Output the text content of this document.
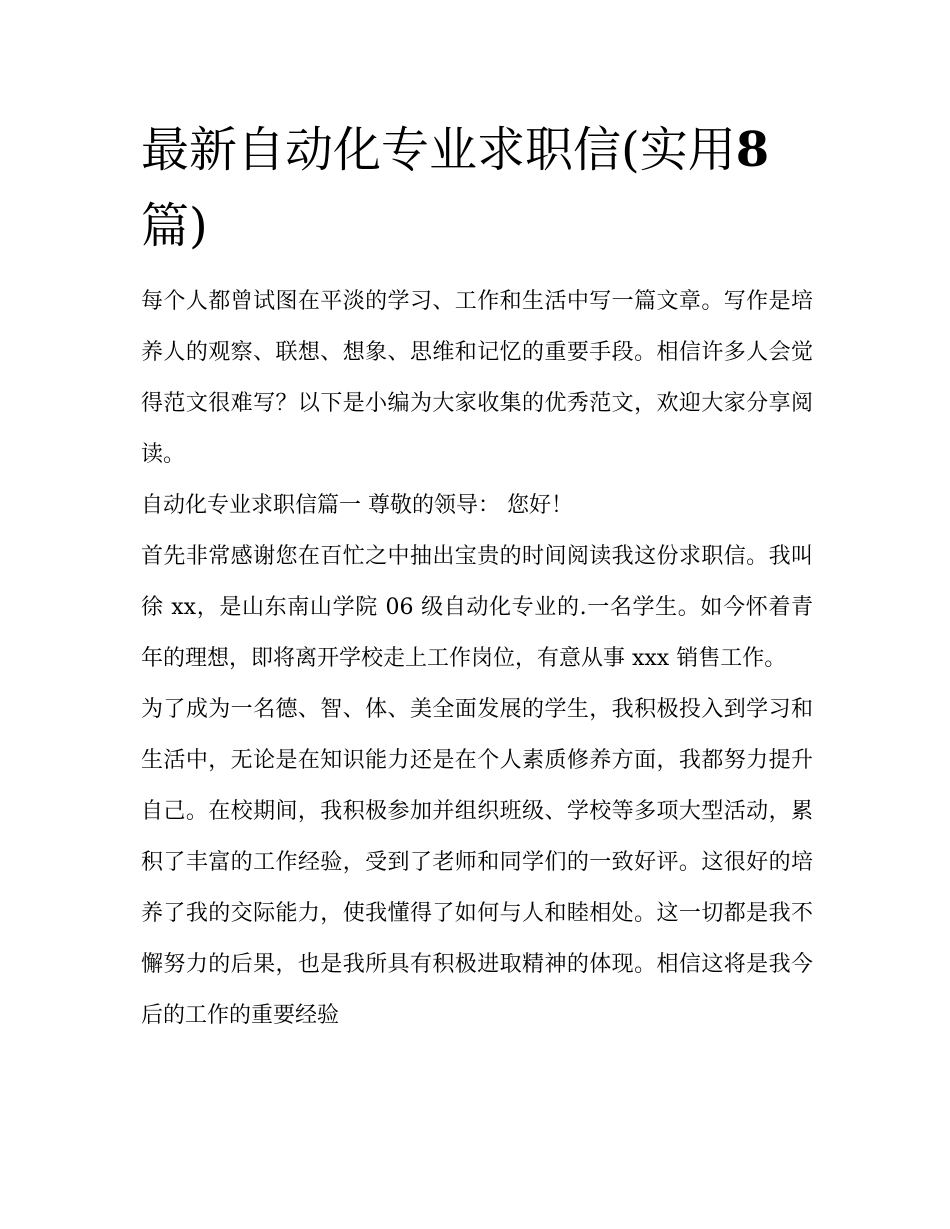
最新自动化专业求职信(实用8
篇)

每个人都曾试图在平淡的学习、工作和生活中写一篇文章。写作是培养人的观察、联想、想象、思维和记忆的重要手段。相信许多人会觉得范文很难写？以下是小编为大家收集的优秀范文，欢迎大家分享阅读。

自动化专业求职信篇一 尊敬的领导： 您好！

首先非常感谢您在百忙之中抽出宝贵的时间阅读我这份求职信。我叫徐 xx，是山东南山学院 06 级自动化专业的.一名学生。如今怀着青年的理想，即将离开学校走上工作岗位，有意从事 xxx 销售工作。

为了成为一名德、智、体、美全面发展的学生，我积极投入到学习和生活中，无论是在知识能力还是在个人素质修养方面，我都努力提升自己。在校期间，我积极参加并组织班级、学校等多项大型活动，累积了丰富的工作经验，受到了老师和同学们的一致好评。这很好的培养了我的交际能力，使我懂得了如何与人和睦相处。这一切都是我不懈努力的后果，也是我所具有积极进取精神的体现。相信这将是我今后的工作的重要经验
